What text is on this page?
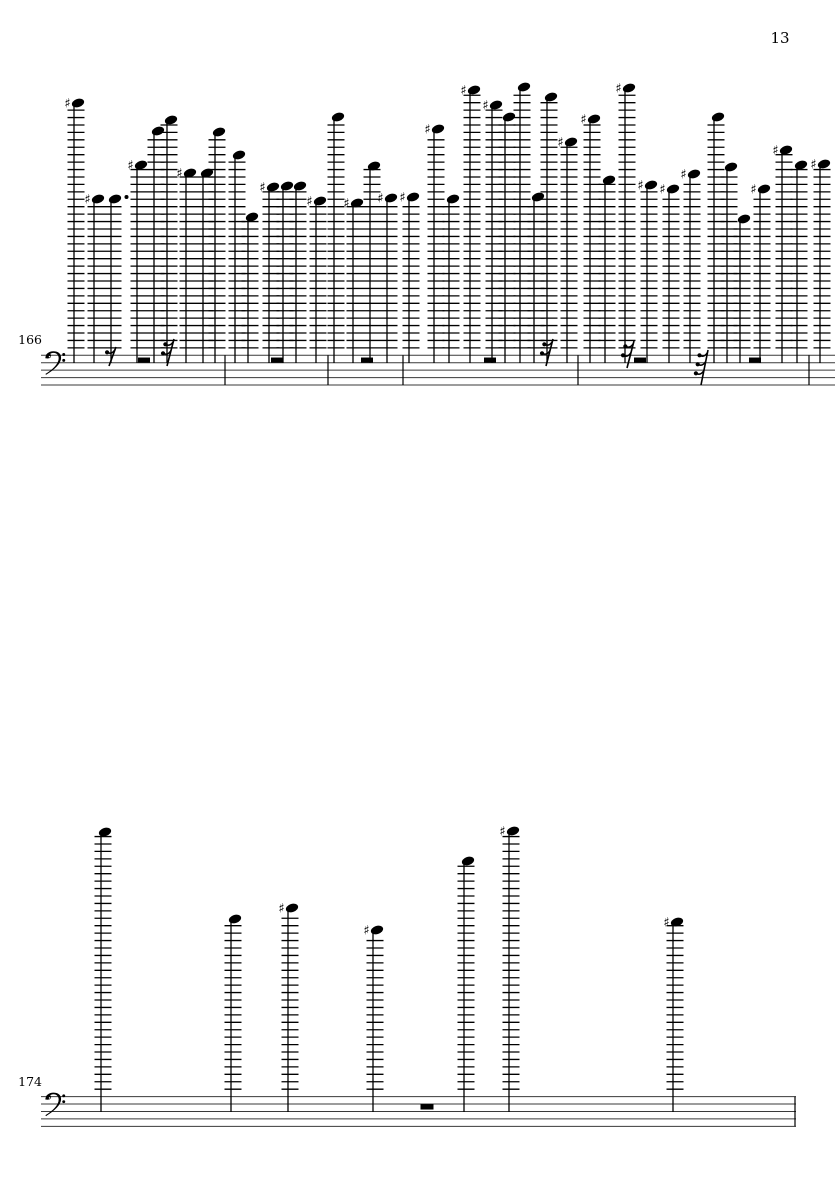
13
166
174
♯
♯
♯
♯
♯
♯ ♯ ♯ ♯
♯
♯
♯
♯
♯
♯
♯ ♯
♯
♯
♯
♯
♯
♯
♯
♯
